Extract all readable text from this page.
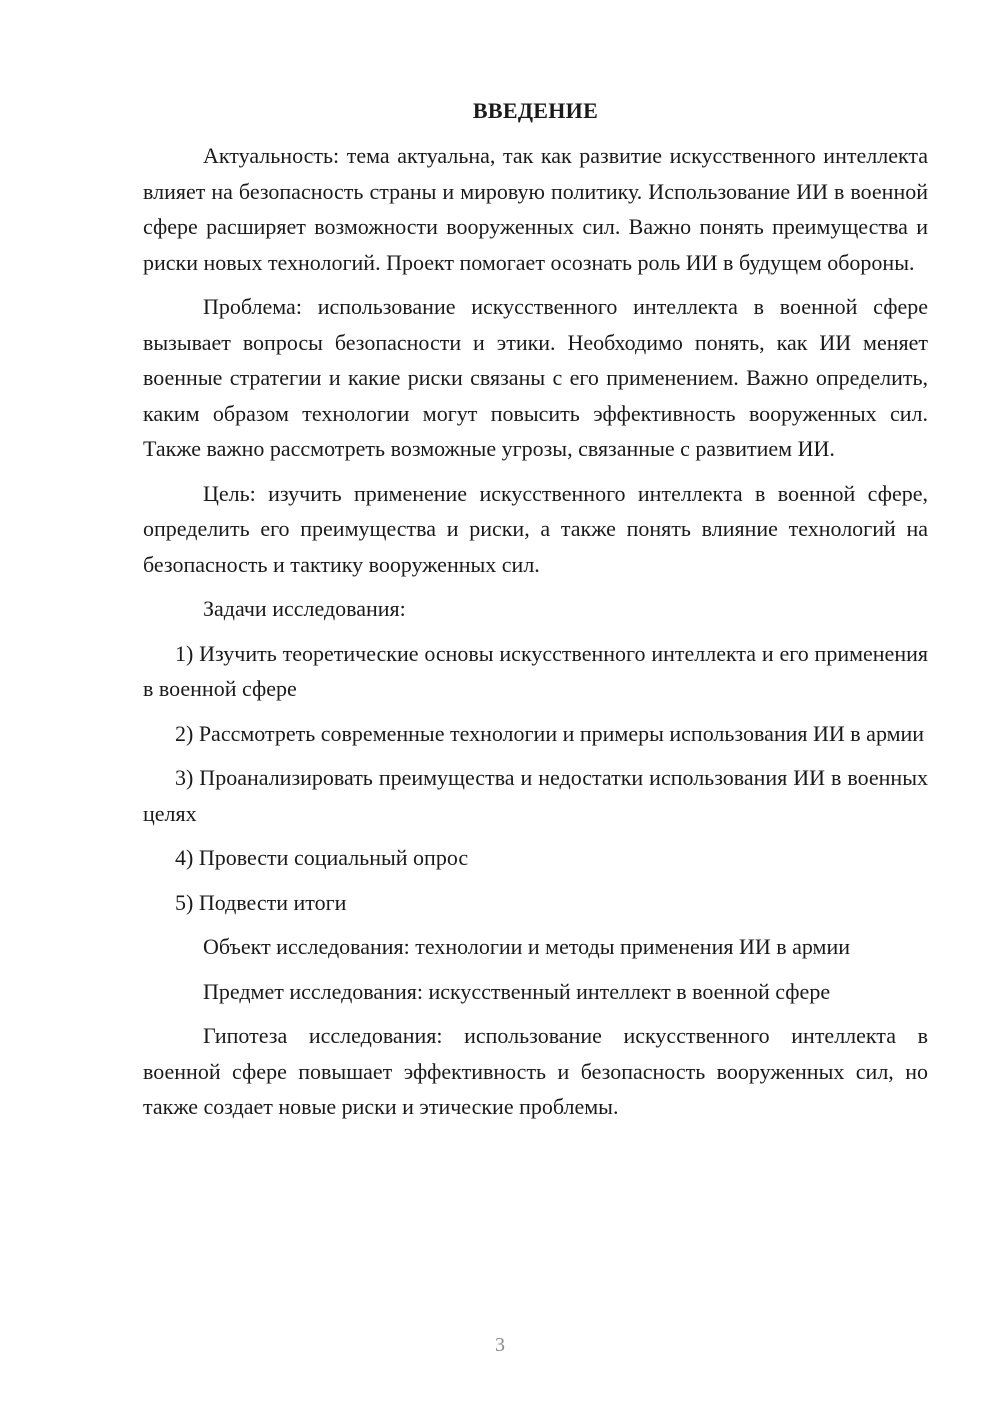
ВВЕДЕНИЕ

Актуальность: тема актуальна, так как развитие искусственного интеллекта влияет на безопасность страны и мировую политику. Использование ИИ в военной сфере расширяет возможности вооруженных сил. Важно понять преимущества и риски новых технологий. Проект помогает осознать роль ИИ в будущем обороны.

Проблема: использование искусственного интеллекта в военной сфере вызывает вопросы безопасности и этики. Необходимо понять, как ИИ меняет военные стратегии и какие риски связаны с его применением. Важно определить, каким образом технологии могут повысить эффективность вооруженных сил. Также важно рассмотреть возможные угрозы, связанные с развитием ИИ.

Цель: изучить применение искусственного интеллекта в военной сфере, определить его преимущества и риски, а также понять влияние технологий на безопасность и тактику вооруженных сил.

Задачи исследования:

1) Изучить теоретические основы искусственного интеллекта и его применения в военной сфере

2) Рассмотреть современные технологии и примеры использования ИИ в армии

3) Проанализировать преимущества и недостатки использования ИИ в военных целях

4) Провести социальный опрос

5) Подвести итоги

Объект исследования: технологии и методы применения ИИ в армии

Предмет исследования: искусственный интеллект в военной сфере

Гипотеза исследования: использование искусственного интеллекта в военной сфере повышает эффективность и безопасность вооруженных сил, но также создает новые риски и этические проблемы.

3
